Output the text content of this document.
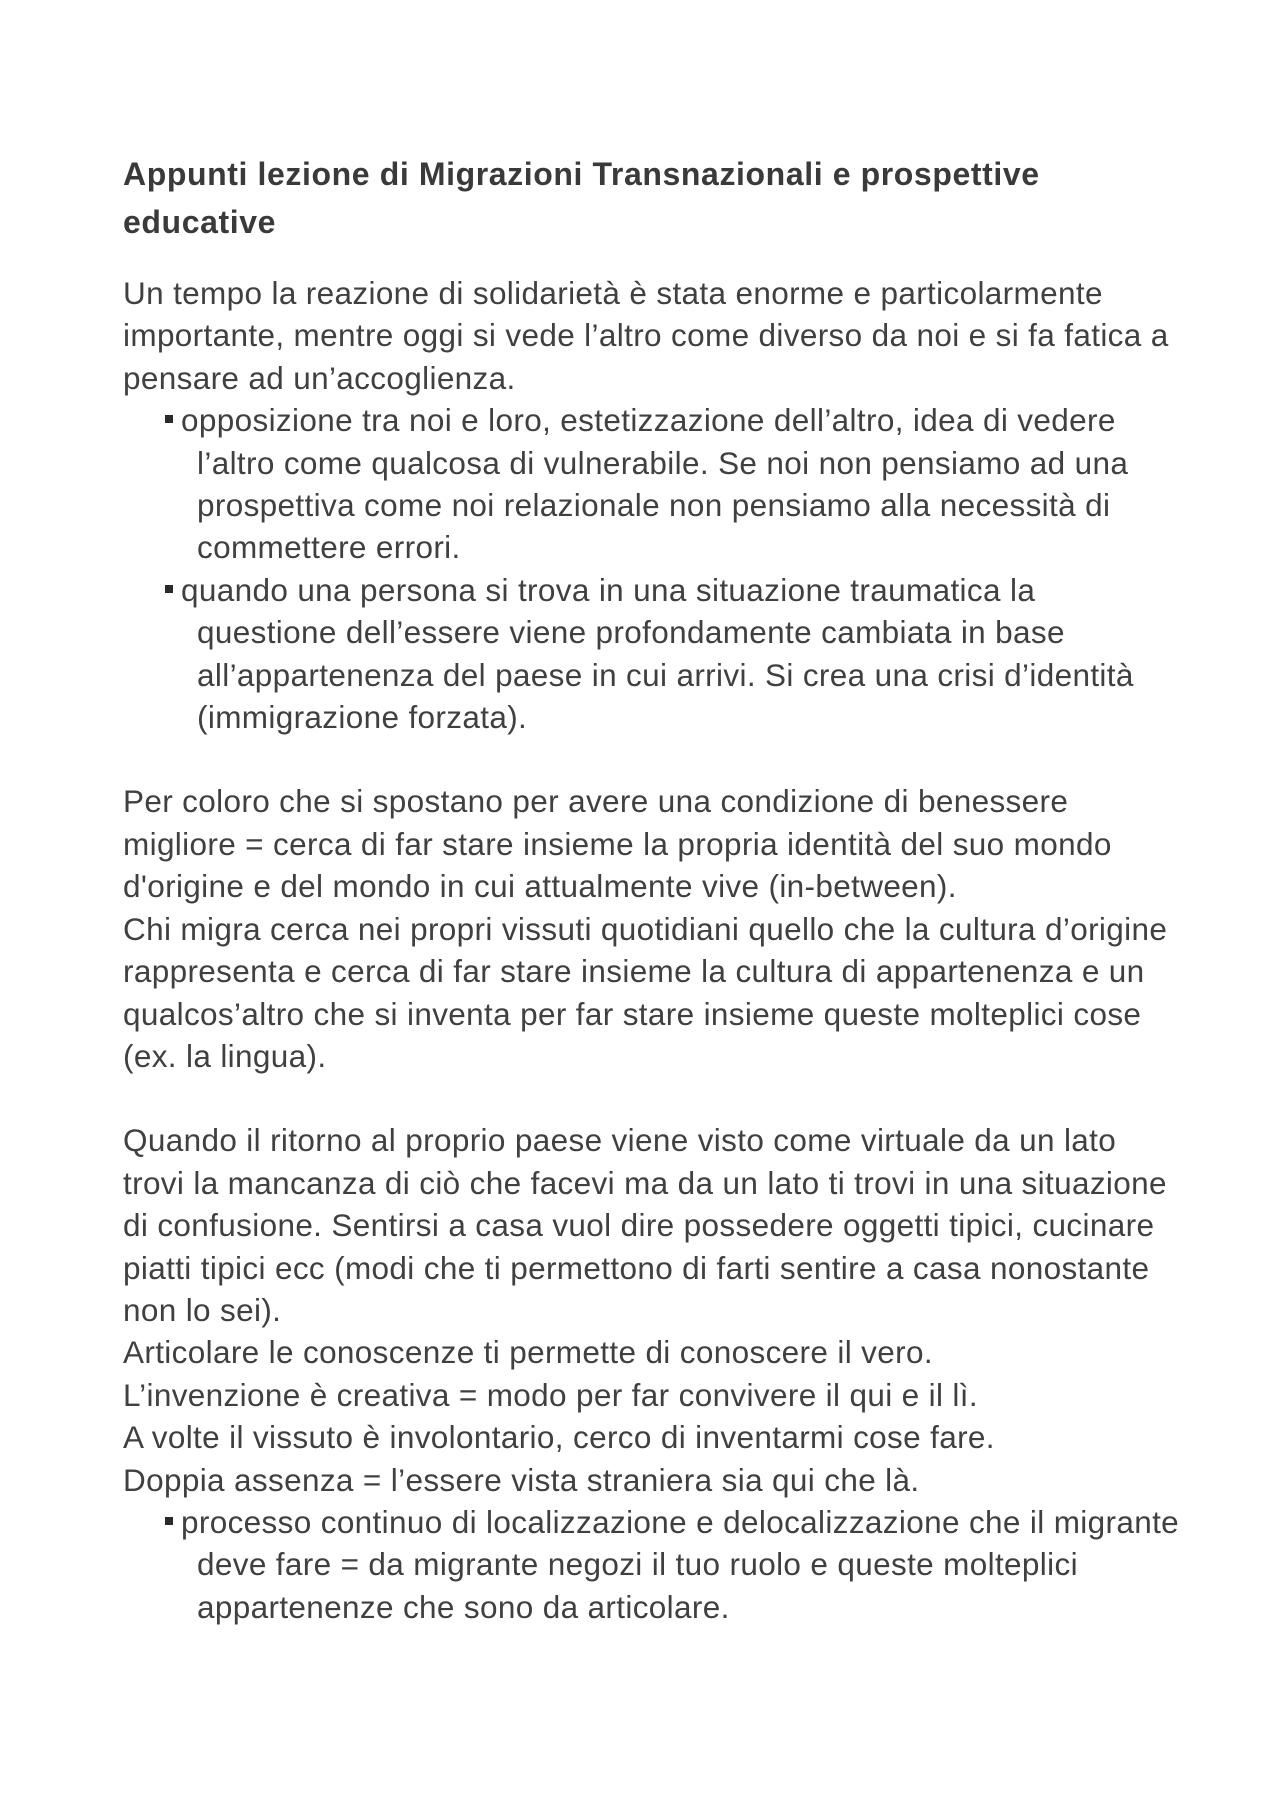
Appunti lezione di Migrazioni Transnazionali e prospettive educative

Un tempo la reazione di solidarietà è stata enorme e particolarmente importante, mentre oggi si vede l’altro come diverso da noi e si fa fatica a pensare ad un’accoglienza.

opposizione tra noi e loro, estetizzazione dell’altro, idea di vedere l’altro come qualcosa di vulnerabile. Se noi non pensiamo ad una prospettiva come noi relazionale non pensiamo alla necessità di commettere errori.
quando una persona si trova in una situazione traumatica la questione dell’essere viene profondamente cambiata in base all’appartenenza del paese in cui arrivi. Si crea una crisi d’identità (immigrazione forzata).

Per coloro che si spostano per avere una condizione di benessere migliore = cerca di far stare insieme la propria identità del suo mondo d'origine e del mondo in cui attualmente vive (in-between).

Chi migra cerca nei propri vissuti quotidiani quello che la cultura d’origine rappresenta e cerca di far stare insieme la cultura di appartenenza e un qualcos’altro che si inventa per far stare insieme queste molteplici cose (ex. la lingua).

Quando il ritorno al proprio paese viene visto come virtuale da un lato trovi la mancanza di ciò che facevi ma da un lato ti trovi in una situazione di confusione. Sentirsi a casa vuol dire possedere oggetti tipici, cucinare piatti tipici ecc (modi che ti permettono di farti sentire a casa nonostante non lo sei).

Articolare le conoscenze ti permette di conoscere il vero.

L’invenzione è creativa = modo per far convivere il qui e il lì.

A volte il vissuto è involontario, cerco di inventarmi cose fare.

Doppia assenza = l’essere vista straniera sia qui che là.

processo continuo di localizzazione e delocalizzazione che il migrante deve fare = da migrante negozi il tuo ruolo e queste molteplici appartenenze che sono da articolare.
